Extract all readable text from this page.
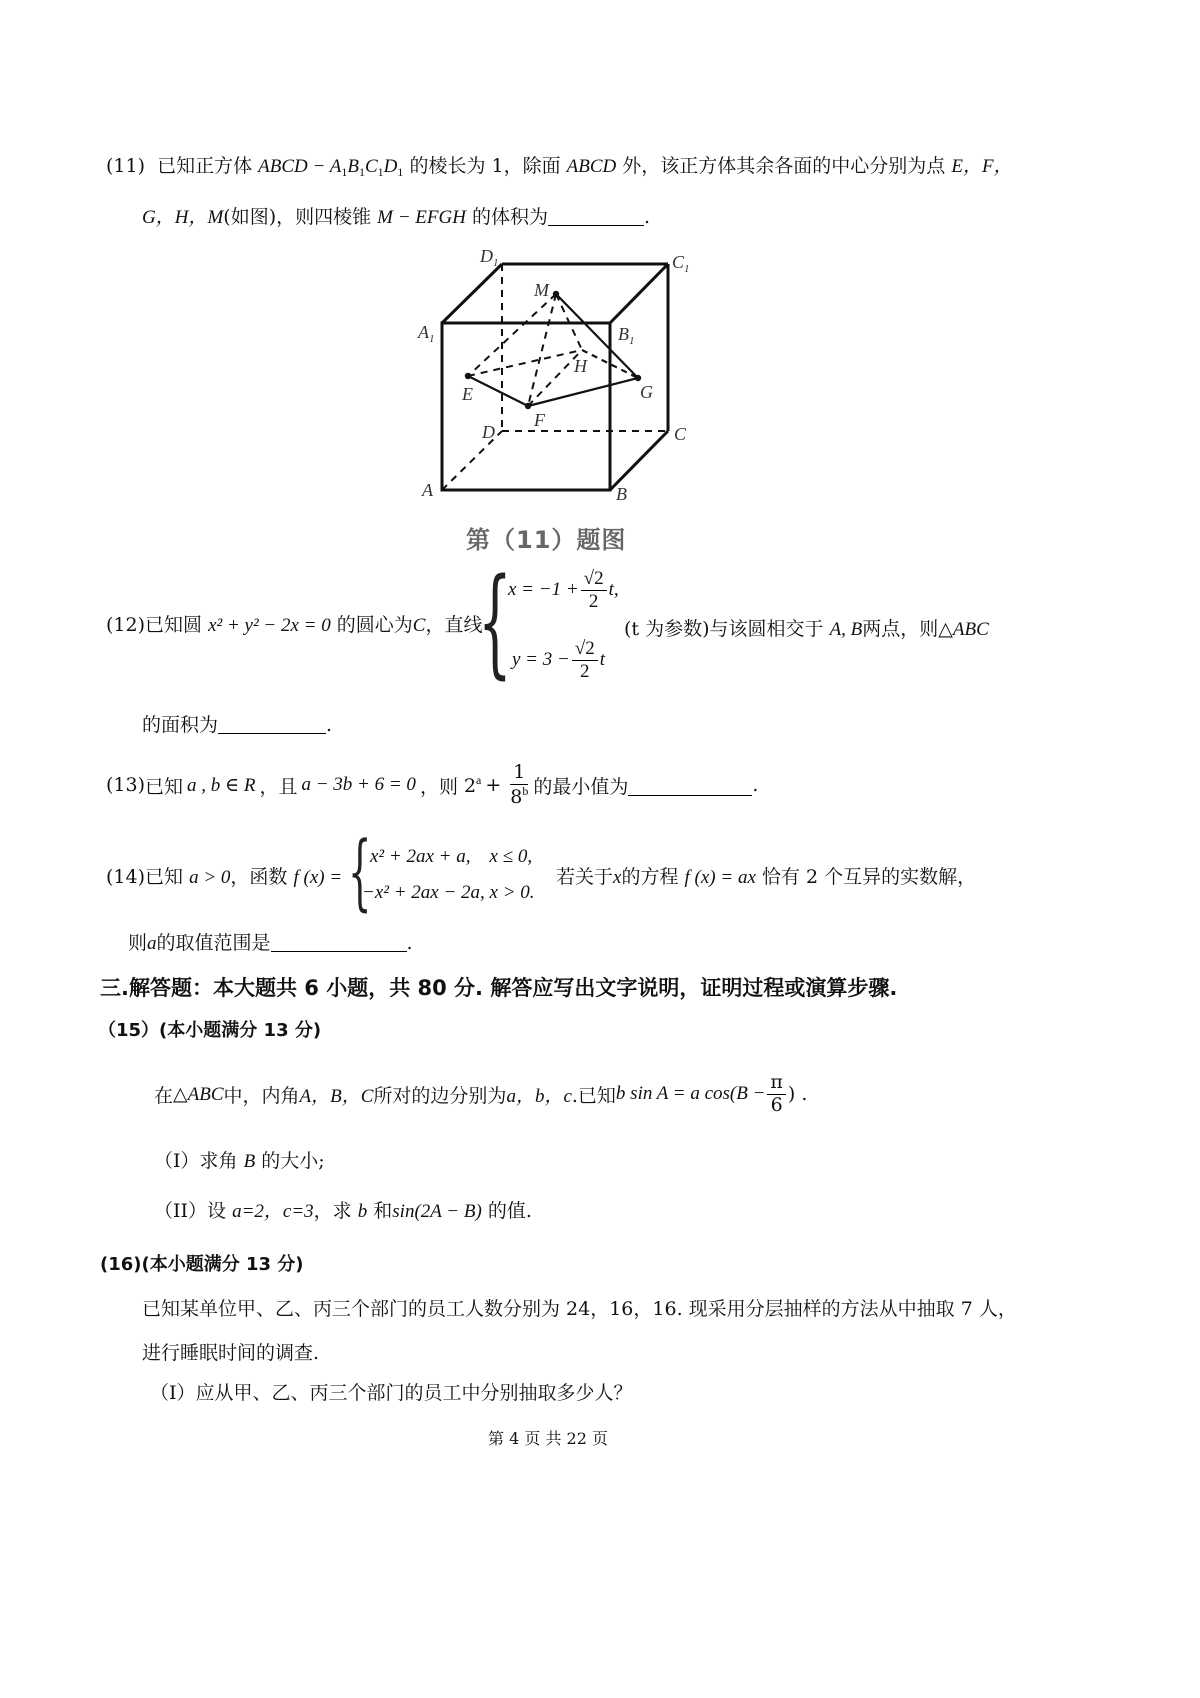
(11) 已知正方体 ABCD − $A_1B_1C_1D_1$ 的棱长为 1，除面 ABCD 外，该正方体其余各面的中心分别为点 E，F，
G，H，M(如图)，则四棱锥 M − EFGH 的体积为	.
$D_1$	$C_1$
$A_1$	$B_1$
M
H
E	G
F
D	C
A	B
第（11）题图
(12)已知圆 x² + y² − 2x = 0 的圆心为C，直线
{
$x = -1 + \frac{√2}{2} t$,
$y = 3 - \frac{√2}{2}$ t
(t 为参数)与该圆相交于 A, B两点，则△ABC
的面积为	.
(13) 已知 a , b ∈ R ，且 a − 3b + 6 = 0 ，则 $2^a + \frac{1}{8^b}$ 的最小值为	.
(14)已知 a > 0，函数 f (x) = {
x² + 2ax + a,    x ≤ 0,
−x² + 2ax − 2a, x > 0.
若关于x的方程 f (x) = ax 恰有 2 个互异的实数解，
则a的取值范围是	.
三.解答题：本大题共 6 小题，共 80 分. 解答应写出文字说明，证明过程或演算步骤.
（15）(本小题满分 13 分)
在 △ABC 中，内角 A，B，C 所对的边分别为 a，b，c .已知 b sin A = a $\cos(B - \frac{\pi}{6}$ ) .
（I）求角 B 的大小;
（II）设 a=2，c=3，求 b 和sin(2A − B) 的值.
(16)(本小题满分 13 分)
已知某单位甲、乙、丙三个部门的员工人数分别为 24，16，16. 现采用分层抽样的方法从中抽取 7 人，
进行睡眠时间的调查.
（I）应从甲、乙、丙三个部门的员工中分别抽取多少人？
第 4 页 共 22 页
